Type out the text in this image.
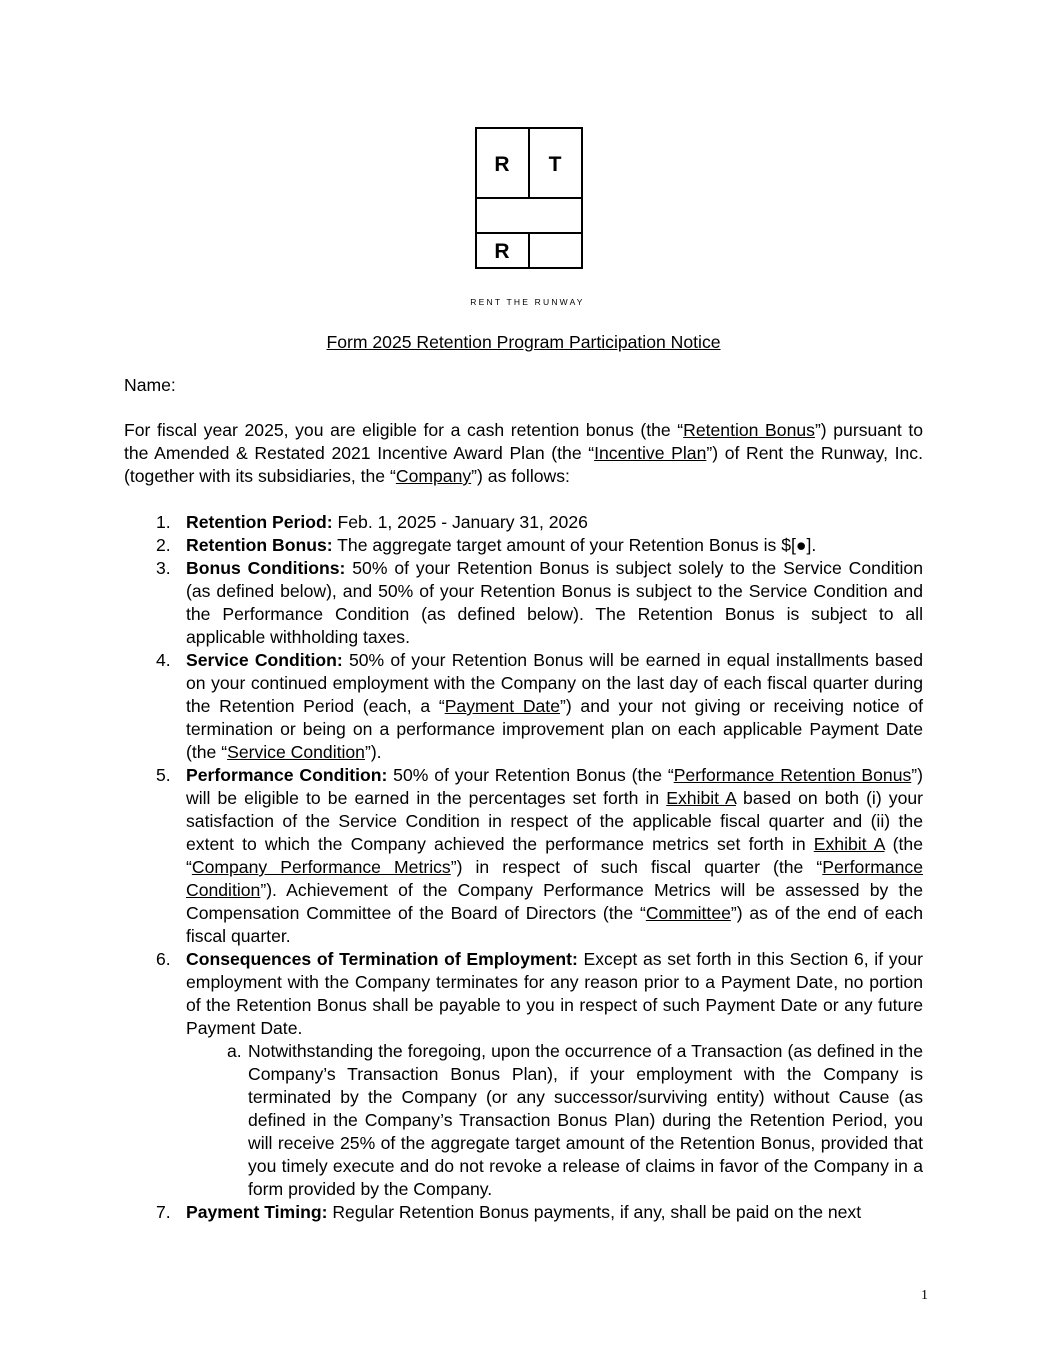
R T
R
RENT THE RUNWAY
Form 2025 Retention Program Participation Notice
Name:

For fiscal year 2025, you are eligible for a cash retention bonus (the “Retention Bonus”) pursuant to the Amended & Restated 2021 Incentive Award Plan (the “Incentive Plan”) of Rent the Runway, Inc. (together with its subsidiaries, the “Company”) as follows:

1. Retention Period: Feb. 1, 2025 - January 31, 2026
2. Retention Bonus: The aggregate target amount of your Retention Bonus is $[●].
3. Bonus Conditions: 50% of your Retention Bonus is subject solely to the Service Condition (as defined below), and 50% of your Retention Bonus is subject to the Service Condition and the Performance Condition (as defined below). The Retention Bonus is subject to all applicable withholding taxes.
4. Service Condition: 50% of your Retention Bonus will be earned in equal installments based on your continued employment with the Company on the last day of each fiscal quarter during the Retention Period (each, a “Payment Date”) and your not giving or receiving notice of termination or being on a performance improvement plan on each applicable Payment Date (the “Service Condition”).
5. Performance Condition: 50% of your Retention Bonus (the “Performance Retention Bonus”) will be eligible to be earned in the percentages set forth in Exhibit A based on both (i) your satisfaction of the Service Condition in respect of the applicable fiscal quarter and (ii) the extent to which the Company achieved the performance metrics set forth in Exhibit A (the “Company Performance Metrics”) in respect of such fiscal quarter (the “Performance Condition”). Achievement of the Company Performance Metrics will be assessed by the Compensation Committee of the Board of Directors (the “Committee”) as of the end of each fiscal quarter.
6. Consequences of Termination of Employment: Except as set forth in this Section 6, if your employment with the Company terminates for any reason prior to a Payment Date, no portion of the Retention Bonus shall be payable to you in respect of such Payment Date or any future Payment Date.
a. Notwithstanding the foregoing, upon the occurrence of a Transaction (as defined in the Company’s Transaction Bonus Plan), if your employment with the Company is terminated by the Company (or any successor/surviving entity) without Cause (as defined in the Company’s Transaction Bonus Plan) during the Retention Period, you will receive 25% of the aggregate target amount of the Retention Bonus, provided that you timely execute and do not revoke a release of claims in favor of the Company in a form provided by the Company.
7. Payment Timing: Regular Retention Bonus payments, if any, shall be paid on the next
1
